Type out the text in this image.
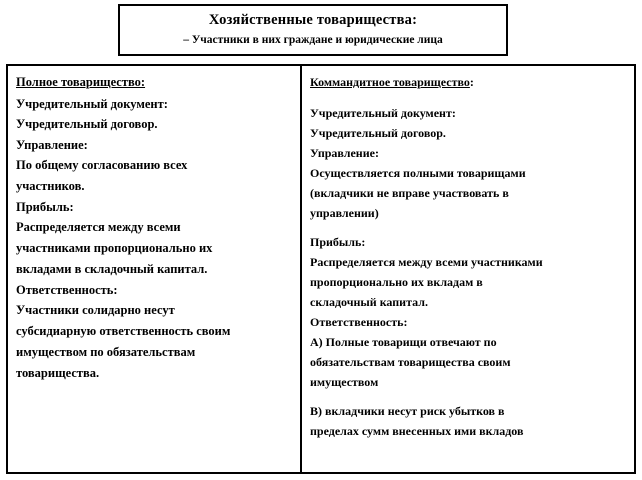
Хозяйственные товарищества:
– Участники в них граждане и юридические лица
Полное товарищество:
Учредительный документ:
Учредительный договор.
Управление:
По общему согласованию всех
участников.
Прибыль:
Распределяется между всеми
участниками пропорционально их
вкладами в складочный капитал.
Ответственность:
Участники солидарно несут
субсидиарную ответственность своим
имуществом по обязательствам
товарищества.
Коммандитное товарищество:
Учредительный документ:
Учредительный договор.
Управление:
Осуществляется полными товарищами
(вкладчики не вправе участвовать в
управлении)
Прибыль:
Распределяется между всеми участниками
пропорционально их вкладам в
складочный капитал.
Ответственность:
А) Полные товарищи отвечают по
обязательствам товарищества своим
имуществом
В) вкладчики несут риск убытков в
пределах сумм внесенных ими вкладов
